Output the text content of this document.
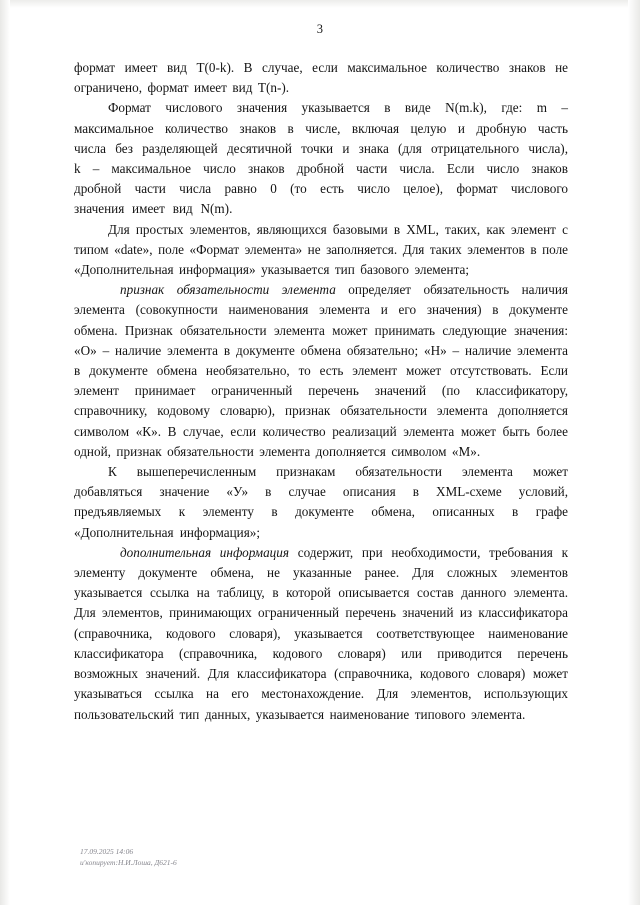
3

формат имеет вид T(0-k). В случае, если максимальное количество знаков не ограничено, формат имеет вид T(n-).

Формат числового значения указывается в виде N(m.k), где: m – максимальное количество знаков в числе, включая целую и дробную часть числа без разделяющей десятичной точки и знака (для отрицательного числа), k – максимальное число знаков дробной части числа. Если число знаков дробной части числа равно 0 (то есть число целое), формат числового значения имеет вид N(m).

Для простых элементов, являющихся базовыми в XML, таких, как элемент с типом «date», поле «Формат элемента» не заполняется. Для таких элементов в поле «Дополнительная информация» указывается тип базового элемента;

признак обязательности элемента определяет обязательность наличия элемента (совокупности наименования элемента и его значения) в документе обмена. Признак обязательности элемента может принимать следующие значения: «О» – наличие элемента в документе обмена обязательно; «Н» – наличие элемента в документе обмена необязательно, то есть элемент может отсутствовать. Если элемент принимает ограниченный перечень значений (по классификатору, справочнику, кодовому словарю), признак обязательности элемента дополняется символом «К». В случае, если количество реализаций элемента может быть более одной, признак обязательности элемента дополняется символом «М».

К вышеперечисленным признакам обязательности элемента может добавляться значение «У» в случае описания в XML-схеме условий, предъявляемых к элементу в документе обмена, описанных в графе «Дополнительная информация»;

дополнительная информация содержит, при необходимости, требования к элементу документе обмена, не указанные ранее. Для сложных элементов указывается ссылка на таблицу, в которой описывается состав данного элемента. Для элементов, принимающих ограниченный перечень значений из классификатора (справочника, кодового словаря), указывается соответствующее наименование классификатора (справочника, кодового словаря) или приводится перечень возможных значений. Для классификатора (справочника, кодового словаря) может указываться ссылка на его местонахождение. Для элементов, использующих пользовательский тип данных, указывается наименование типового элемента.

17.09.2025 14:06
и'копирует:Н.И.Лоша, Д621-6
